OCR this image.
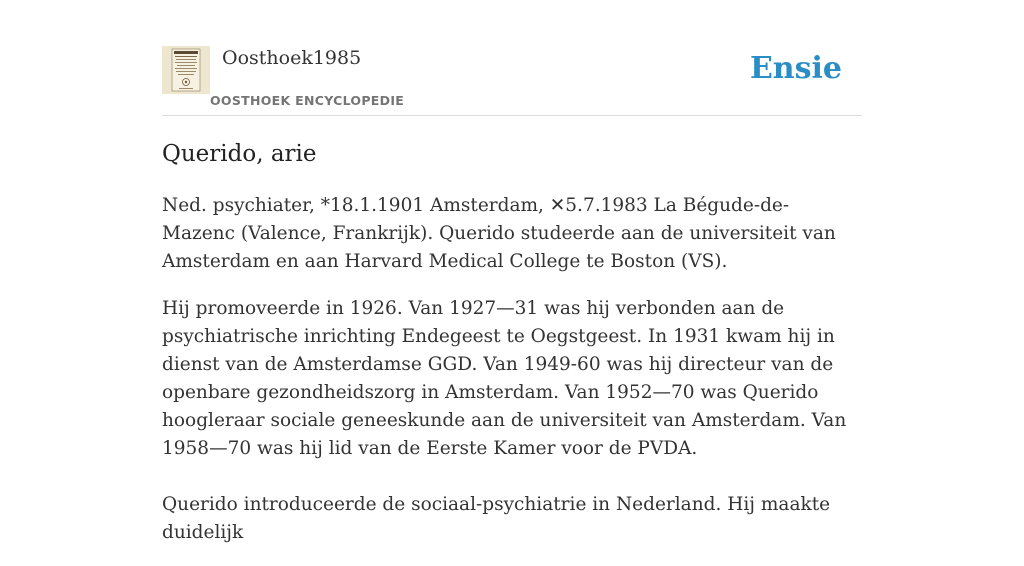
Oosthoek1985
OOSTHOEK ENCYCLOPEDIE
Ensie
Querido, arie

Ned. psychiater, *18.1.1901 Amsterdam, ✕5.7.1983 La Bégude-de-Mazenc (Valence, Frankrijk). Querido studeerde aan de universiteit van Amsterdam en aan Harvard Medical College te Boston (VS).

Hij promoveerde in 1926. Van 1927—31 was hij verbonden aan de psychiatrische inrichting Endegeest te Oegstgeest. In 1931 kwam hij in dienst van de Amsterdamse GGD. Van 1949-60 was hij directeur van de openbare gezondheidszorg in Amsterdam. Van 1952—70 was Querido hoogleraar sociale geneeskunde aan de universiteit van Amsterdam. Van 1958—70 was hij lid van de Eerste Kamer voor de PVDA.

Querido introduceerde de sociaal-psychiatrie in Nederland. Hij maakte duidelijk
